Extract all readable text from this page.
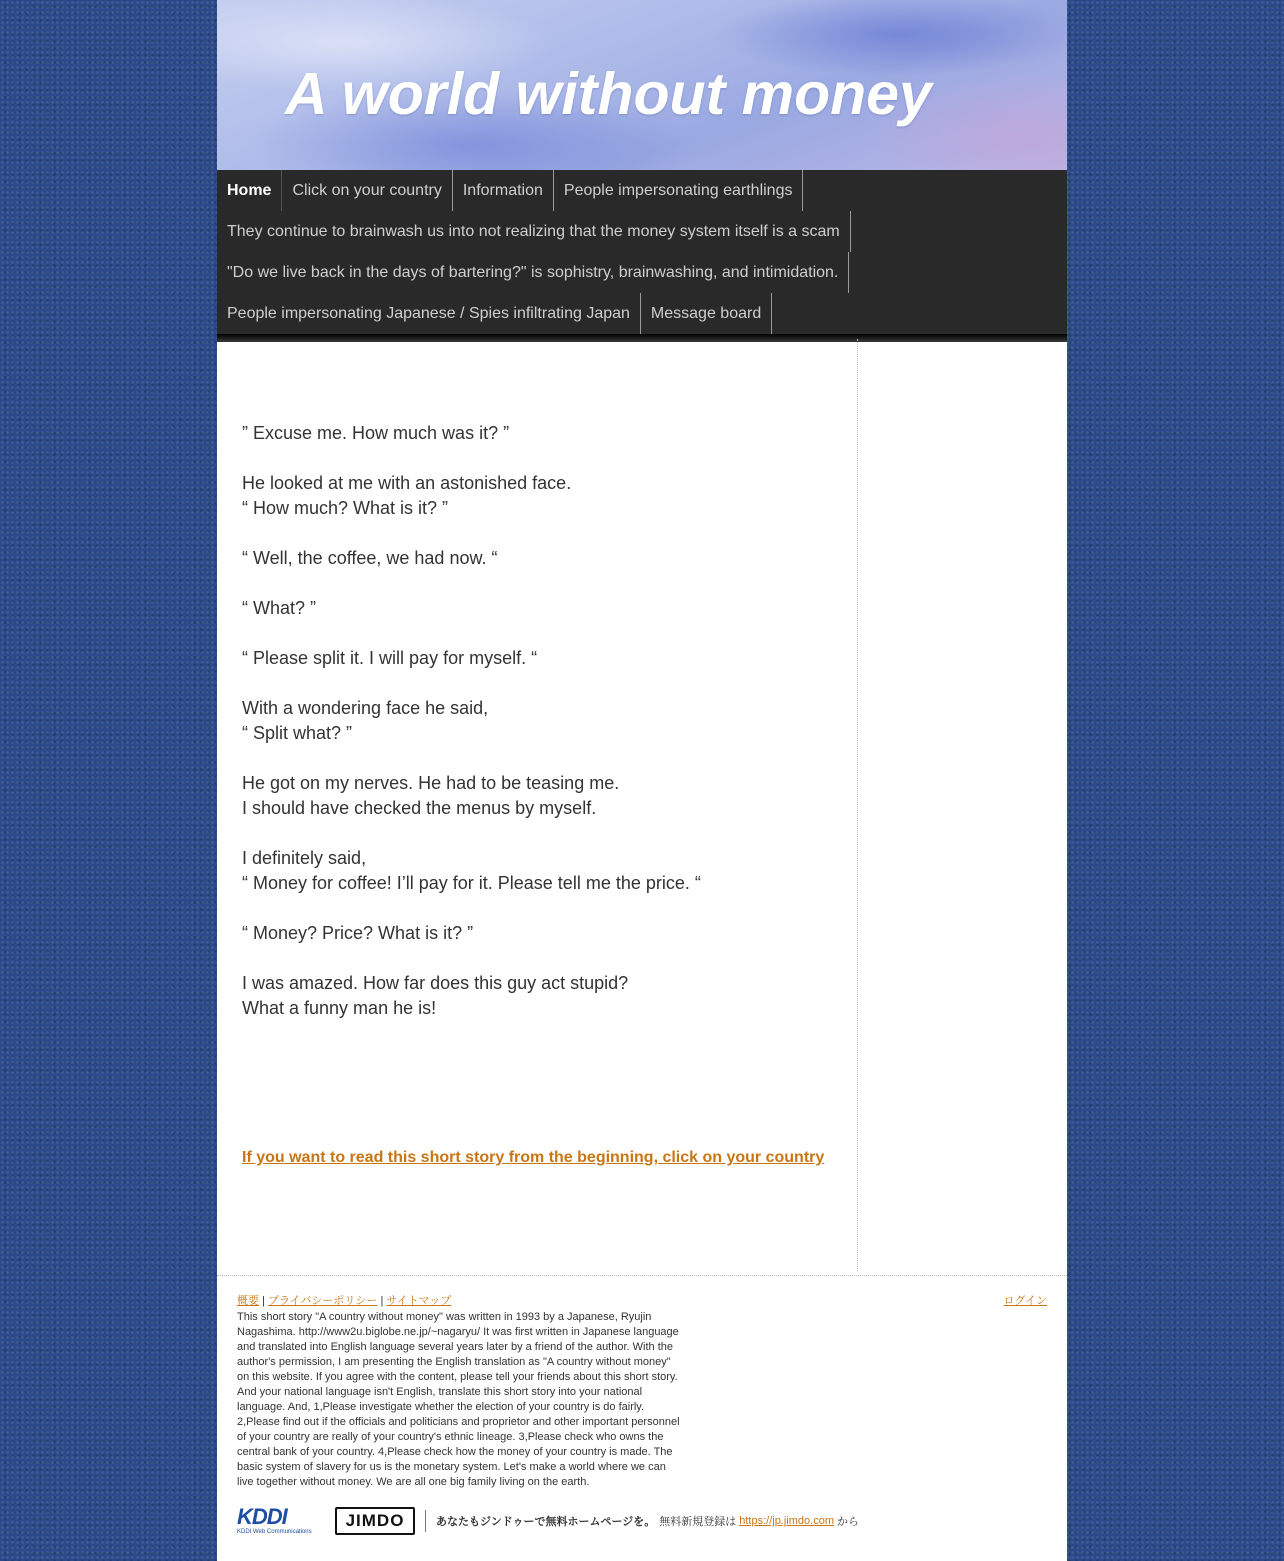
A world without money
Home	Click on your country	Information	People impersonating earthlings
They continue to brainwash us into not realizing that the money system itself is a scam
"Do we live back in the days of bartering?" is sophistry, brainwashing, and intimidation.
People impersonating Japanese / Spies infiltrating Japan	Message board

” Excuse me. How much was it? ”

He looked at me with an astonished face.

“ How much? What is it? ”

“ Well, the coffee, we had now. “

“ What? ”

“ Please split it. I will pay for myself. “

With a wondering face he said,

“ Split what? ”

He got on my nerves. He had to be teasing me.

I should have checked the menus by myself.

I definitely said,

“ Money for coffee! I’ll pay for it. Please tell me the price. “

“ Money? Price? What is it? ”

I was amazed. How far does this guy act stupid?

What a funny man he is!

If you want to read this short story from the beginning, click on your country
概要 | プライバシーポリシー | サイトマップ	ログイン
This short story "A country without money" was written in 1993 by a Japanese, Ryujin Nagashima. http://www2u.biglobe.ne.jp/~nagaryu/ It was first written in Japanese language and translated into English language several years later by a friend of the author. With the author's permission, I am presenting the English translation as "A country without money" on this website. If you agree with the content, please tell your friends about this short story. And your national language isn't English, translate this short story into your national language. And, 1,Please investigate whether the election of your country is do fairly. 2,Please find out if the officials and politicians and proprietor and other important personnel of your country are really of your country's ethnic lineage. 3,Please check who owns the central bank of your country. 4,Please check how the money of your country is made. The basic system of slavery for us is the monetary system. Let's make a world where we can live together without money. We are all one big family living on the earth.
KDDI
KDDI Web Communications
JIMDO	あなたもジンドゥーで無料ホームページを。 無料新規登録は https://jp.jimdo.com から
